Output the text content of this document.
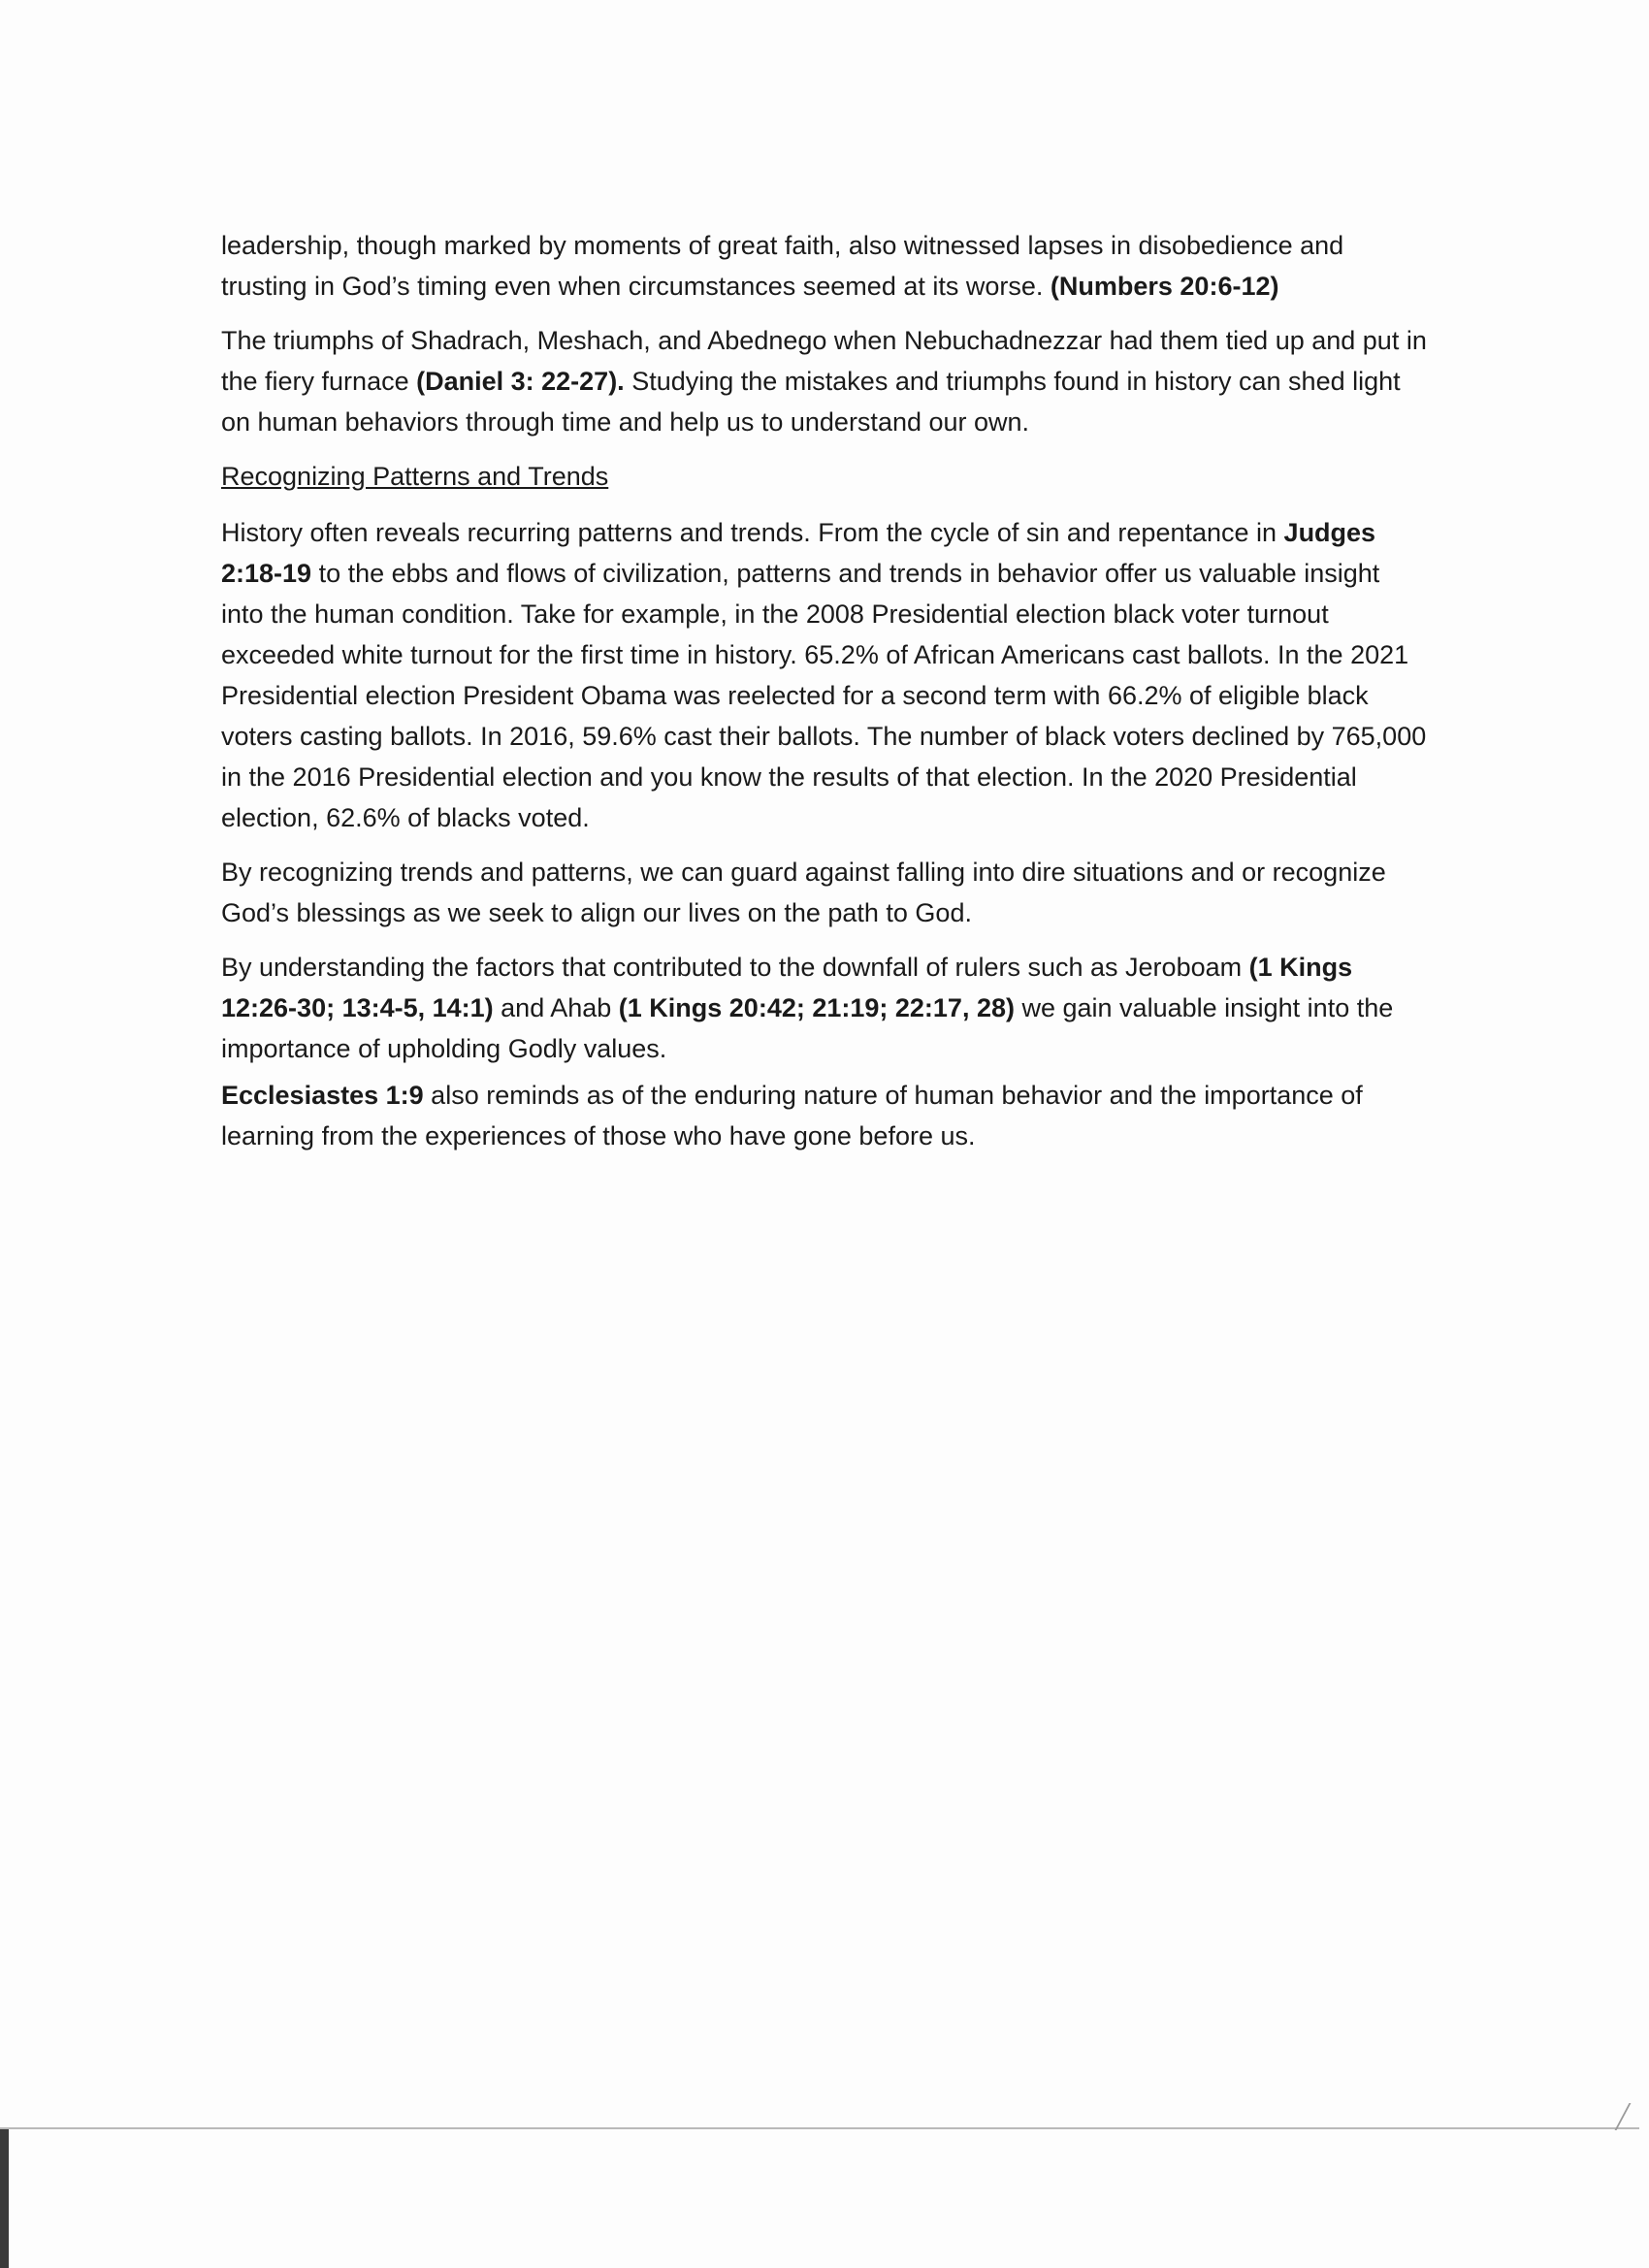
leadership, though marked by moments of great faith, also witnessed lapses in disobedience and trusting in God’s timing even when circumstances seemed at its worse. (Numbers 20:6-12)

The triumphs of Shadrach, Meshach, and Abednego when Nebuchadnezzar had them tied up and put in the fiery furnace (Daniel 3: 22-27). Studying the mistakes and triumphs found in history can shed light on human behaviors through time and help us to understand our own.

Recognizing Patterns and Trends

History often reveals recurring patterns and trends. From the cycle of sin and repentance in Judges 2:18-19 to the ebbs and flows of civilization, patterns and trends in behavior offer us valuable insight into the human condition. Take for example, in the 2008 Presidential election black voter turnout exceeded white turnout for the first time in history. 65.2% of African Americans cast ballots. In the 2021 Presidential election President Obama was reelected for a second term with 66.2% of eligible black voters casting ballots. In 2016, 59.6% cast their ballots. The number of black voters declined by 765,000 in the 2016 Presidential election and you know the results of that election. In the 2020 Presidential election, 62.6% of blacks voted.

By recognizing trends and patterns, we can guard against falling into dire situations and or recognize God’s blessings as we seek to align our lives on the path to God.

By understanding the factors that contributed to the downfall of rulers such as Jeroboam (1 Kings 12:26-30; 13:4-5, 14:1) and Ahab (1 Kings 20:42; 21:19; 22:17, 28) we gain valuable insight into the importance of upholding Godly values.

Ecclesiastes 1:9 also reminds as of the enduring nature of human behavior and the importance of learning from the experiences of those who have gone before us.
